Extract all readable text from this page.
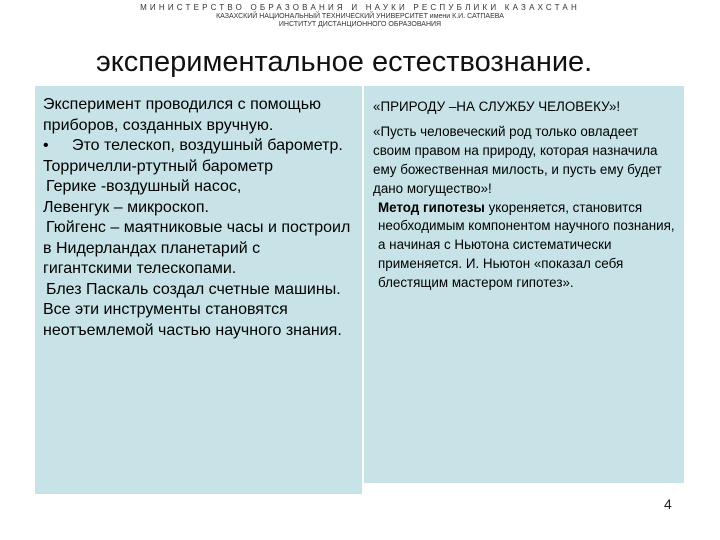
МИНИСТЕРСТВО ОБРАЗОВАНИЯ И НАУКИ РЕСПУБЛИКИ КАЗАХСТАН
КАЗАХСКИЙ НАЦИОНАЛЬНЫЙ ТЕХНИЧЕСКИЙ УНИВЕРСИТЕТ имени К.И. САТПАЕВА
ИНСТИТУТ ДИСТАНЦИОННОГО ОБРАЗОВАНИЯ
экспериментальное естествознание.

Эксперимент проводился с помощью приборов, созданных вручную.

•	Это телескоп, воздушный барометр.

Торричелли-ртутный барометр

Герике -воздушный насос,

Левенгук – микроскоп.

Гюйгенс – маятниковые часы и построил в Нидерландах планетарий с гигантскими телескопами.

Блез Паскаль создал счетные машины.

Все эти инструменты становятся неотъемлемой частью научного знания.

«ПРИРОДУ –НА СЛУЖБУ ЧЕЛОВЕКУ»!

«Пусть человеческий род только овладеет своим правом на природу, которая назначила ему божественная милость, и пусть ему будет дано могущество»!

Метод гипотезы укореняется, становится необходимым компонентом научного познания, а начиная с Ньютона систематически применяется. И. Ньютон «показал себя блестящим мастером гипотез».

4
